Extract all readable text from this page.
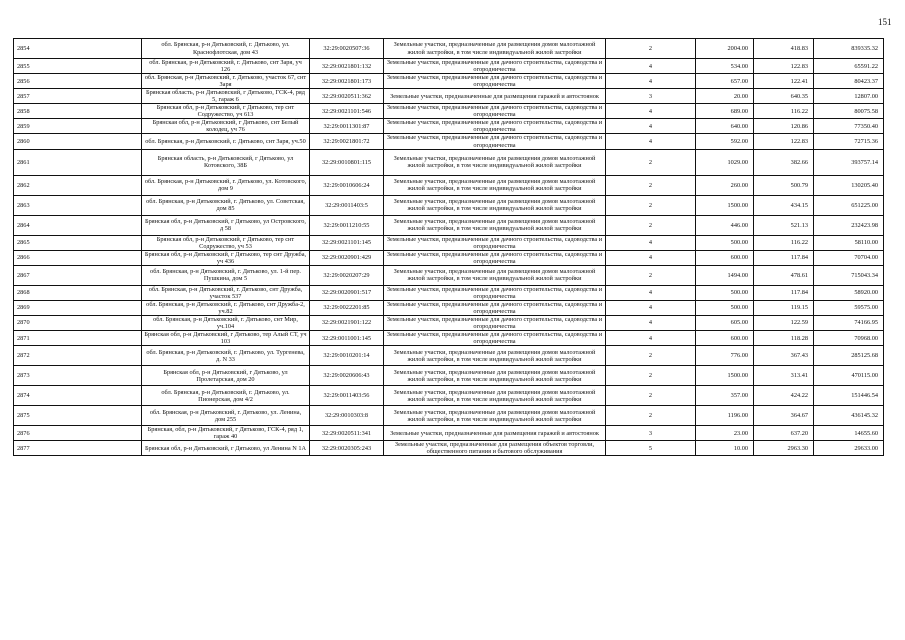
151
2854	обл. Брянская, р-н Дятьковский, г. Дятьково, ул. Краснофлотская, дом 43	32:29:0020507:36	Земельные участки, предназначенные для размещения домов малоэтажной жилой застройки, в том числе индивидуальной жилой застройки	2	2004.00	418.83	839335.32
2855	обл. Брянская, р-н Дятьковский, г. Дятьково, снт Заря, уч 126	32:29:0021801:132	Земельные участки, предназначенные для дачного строительства, садоводства и огородничества	4	534.00	122.83	65591.22
2856	обл. Брянская, р-н Дятьковский, г. Дятьково, участок 67, снт Заря	32:29:0021801:173	Земельные участки, предназначенные для дачного строительства, садоводства и огородничества	4	657.00	122.41	80423.37
2857	Брянская область, р-н Дятьковский, г Дятьково, ГСК-4, ряд 5, гараж 6	32:29:0020511:362	Земельные участки, предназначенные для размещения гаражей и автостоянок	3	20.00	640.35	12807.00
2858	Брянская обл, р-н Дятьковский, г Дятьково, тер снт Содружество, уч 613	32:29:0021101:546	Земельные участки, предназначенные для дачного строительства, садоводства и огородничества	4	689.00	116.22	80075.58
2859	Брянская обл, р-н Дятьковский, г Дятьково, снт Белый колодец, уч 76	32:29:0011301:87	Земельные участки, предназначенные для дачного строительства, садоводства и огородничества	4	640.00	120.86	77350.40
2860	обл. Брянская, р-н Дятьковский, г. Дятьково, снт Заря, уч.50	32:29:0021801:72	Земельные участки, предназначенные для дачного строительства, садоводства и огородничества	4	592.00	122.83	72715.36
2861	Брянская область, р-н Дятьковский, г Дятьково, ул Котовского, 38Б	32:29:0010801:115	Земельные участки, предназначенные для размещения домов малоэтажной жилой застройки, в том числе индивидуальной жилой застройки	2	1029.00	382.66	393757.14
2862	обл. Брянская, р-н Дятьковский, г. Дятьково, ул. Котовского, дом 9	32:29:0010606:24	Земельные участки, предназначенные для размещения домов малоэтажной жилой застройки, в том числе индивидуальной жилой застройки	2	260.00	500.79	130205.40
2863	обл. Брянская, р-н Дятьковский, г. Дятьково, ул. Советская, дом 85	32:29:0011403:5	Земельные участки, предназначенные для размещения домов малоэтажной жилой застройки, в том числе индивидуальной жилой застройки	2	1500.00	434.15	651225.00
2864	Брянская обл, р-н Дятьковский, г Дятьково, ул Островского, д 58	32:29:0011210:55	Земельные участки, предназначенные для размещения домов малоэтажной жилой застройки, в том числе индивидуальной жилой застройки	2	446.00	521.13	232423.98
2865	Брянская обл, р-н Дятьковский, г Дятьково, тер снт Содружество, уч 53	32:29:0021101:145	Земельные участки, предназначенные для дачного строительства, садоводства и огородничества	4	500.00	116.22	58110.00
2866	Брянская обл, р-н Дятьковский, г Дятьково, тер снт Дружба, уч 436	32:29:0020901:429	Земельные участки, предназначенные для дачного строительства, садоводства и огородничества	4	600.00	117.84	70704.00
2867	обл. Брянская, р-н Дятьковский, г. Дятьково, ул. 1-й пер. Пушкина, дом 5	32:29:0020207:29	Земельные участки, предназначенные для размещения домов малоэтажной жилой застройки, в том числе индивидуальной жилой застройки	2	1494.00	478.61	715043.34
2868	обл. Брянская, р-н Дятьковский, г. Дятьково, снт Дружба, участок 537	32:29:0020901:517	Земельные участки, предназначенные для дачного строительства, садоводства и огородничества	4	500.00	117.84	58920.00
2869	обл. Брянская, р-н Дятьковский, г. Дятьково, снт Дружба-2, уч.82	32:29:0022201:85	Земельные участки, предназначенные для дачного строительства, садоводства и огородничества	4	500.00	119.15	59575.00
2870	обл. Брянская, р-н Дятьковский, г. Дятьково, снт Мир, уч.104	32:29:0021901:122	Земельные участки, предназначенные для дачного строительства, садоводства и огородничества	4	605.00	122.59	74166.95
2871	Брянская обл, р-н Дятьковский, г Дятьково, тер Алый СТ, уч 103	32:29:0011001:145	Земельные участки, предназначенные для дачного строительства, садоводства и огородничества	4	600.00	118.28	70968.00
2872	обл. Брянская, р-н Дятьковский, г. Дятьково, ул. Тургенева, д. N 33	32:29:0010201:14	Земельные участки, предназначенные для размещения домов малоэтажной жилой застройки, в том числе индивидуальной жилой застройки	2	776.00	367.43	285125.68
2873	Брянская обл, р-н Дятьковский, г Дятьково, ул Пролетарская, дом 20	32:29:0020606:43	Земельные участки, предназначенные для размещения домов малоэтажной жилой застройки, в том числе индивидуальной жилой застройки	2	1500.00	313.41	470115.00
2874	обл. Брянская, р-н Дятьковский, г. Дятьково, ул. Пионерская, дом 4/2	32:29:0011403:56	Земельные участки, предназначенные для размещения домов малоэтажной жилой застройки, в том числе индивидуальной жилой застройки	2	357.00	424.22	151446.54
2875	обл. Брянская, р-н Дятьковский, г. Дятьково, ул. Ленина, дом 255	32:29:0010303:8	Земельные участки, предназначенные для размещения домов малоэтажной жилой застройки, в том числе индивидуальной жилой застройки	2	1196.00	364.67	436145.32
2876	Брянская, обл, р-н Дятьковский, г Дятьково, ГСК-4, ряд 1, гараж 40	32:29:0020511:341	Земельные участки, предназначенные для размещения гаражей и автостоянок	3	23.00	637.20	14655.60
2877	Брянская обл, р-н Дятьковский, г Дятьково, ул Ленина N 1А	32:29:0020305:243	Земельные участки, предназначенные для размещения объектов торговли, общественного питания и бытового обслуживания	5	10.00	2963.30	29633.00
